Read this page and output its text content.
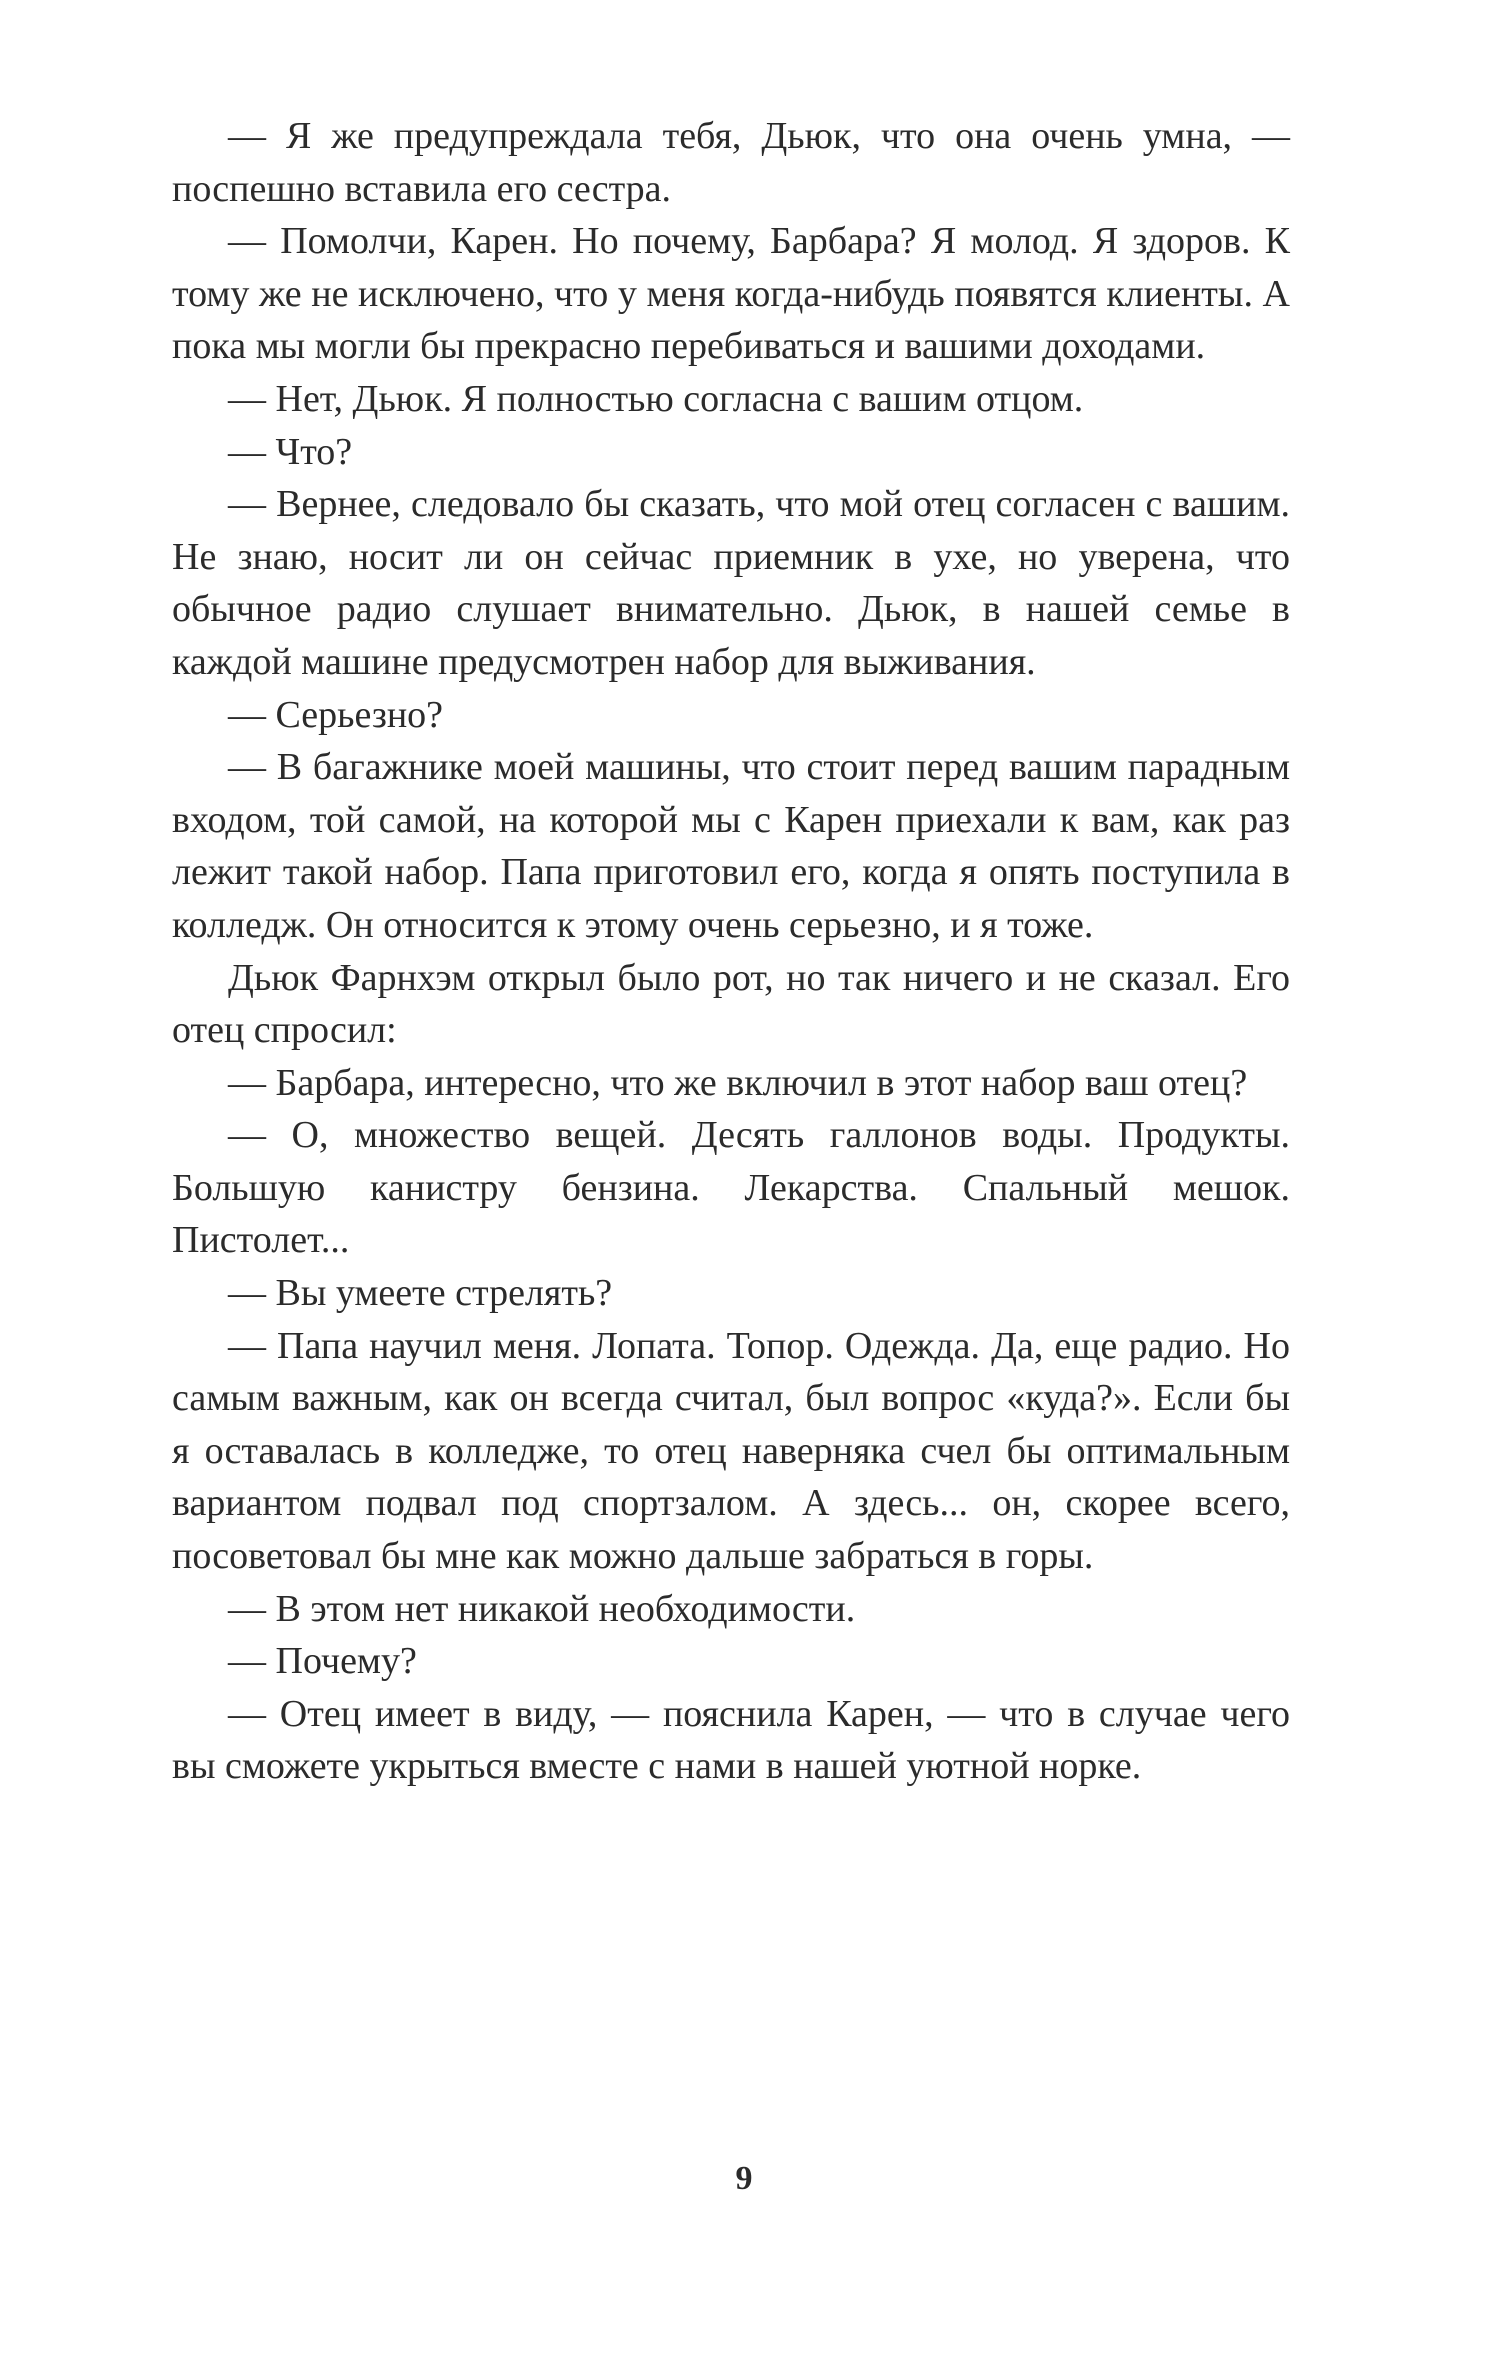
— Я же предупреждала тебя, Дьюк, что она очень умна, — поспешно вставила его сестра.

— Помолчи, Карен. Но почему, Барбара? Я молод. Я здоров. К тому же не исключено, что у меня когда-нибудь появятся клиенты. А пока мы могли бы прекрасно перебиваться и вашими доходами.

— Нет, Дьюк. Я полностью согласна с вашим отцом.

— Что?

— Вернее, следовало бы сказать, что мой отец согласен с вашим. Не знаю, носит ли он сейчас приемник в ухе, но уверена, что обычное радио слушает внимательно. Дьюк, в нашей семье в каждой машине предусмотрен набор для выживания.

— Серьезно?

— В багажнике моей машины, что стоит перед вашим парадным входом, той самой, на которой мы с Карен приехали к вам, как раз лежит такой набор. Папа приготовил его, когда я опять поступила в колледж. Он относится к этому очень серьезно, и я тоже.

Дьюк Фарнхэм открыл было рот, но так ничего и не сказал. Его отец спросил:

— Барбара, интересно, что же включил в этот набор ваш отец?

— О, множество вещей. Десять галлонов воды. Продукты. Большую канистру бензина. Лекарства. Спальный мешок. Пистолет...

— Вы умеете стрелять?

— Папа научил меня. Лопата. Топор. Одежда. Да, еще радио. Но самым важным, как он всегда считал, был вопрос «куда?». Если бы я оставалась в колледже, то отец наверняка счел бы оптимальным вариантом подвал под спортзалом. А здесь... он, скорее всего, посоветовал бы мне как можно дальше забраться в горы.

— В этом нет никакой необходимости.

— Почему?

— Отец имеет в виду, — пояснила Карен, — что в случае чего вы сможете укрыться вместе с нами в нашей уютной норке.

9
